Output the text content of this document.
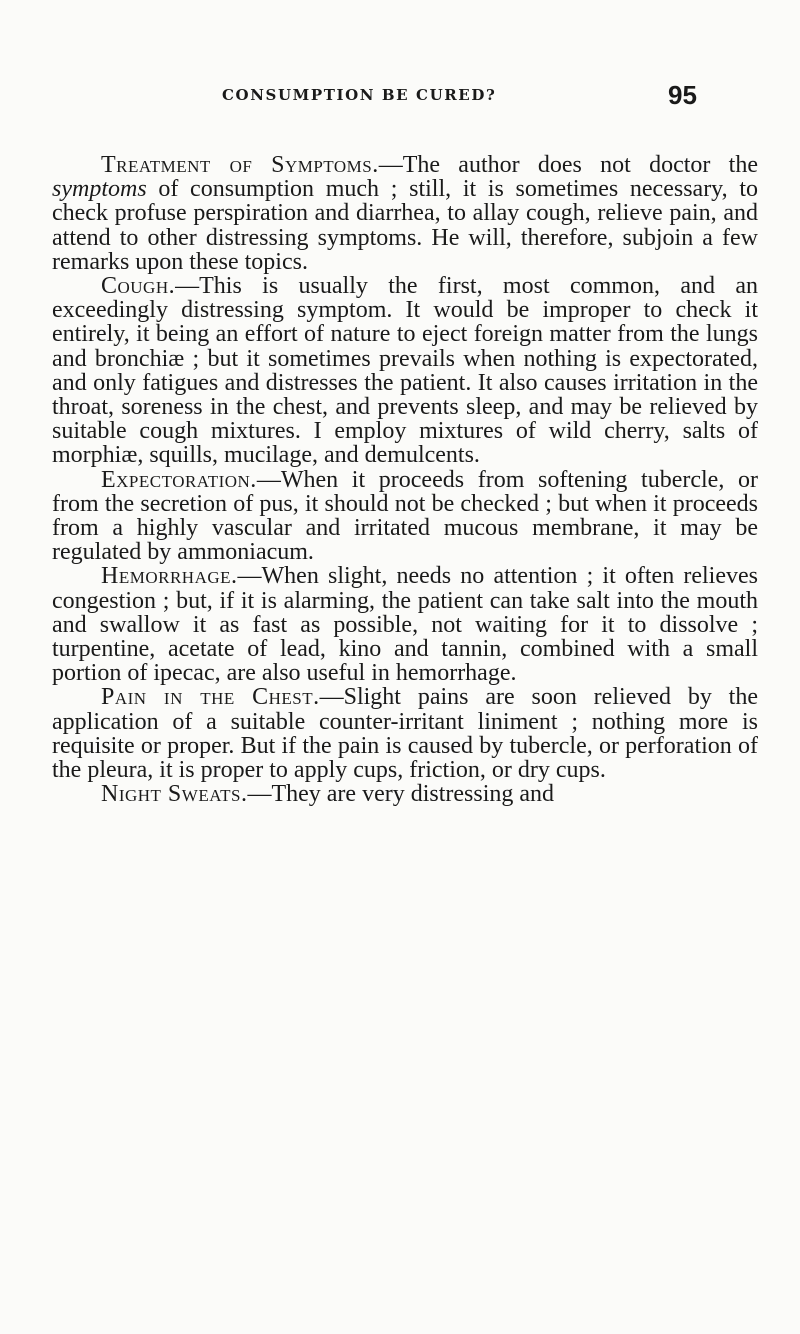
CONSUMPTION BE CURED?	95

Treatment of Symptoms.—The author does not doctor the symptoms of consumption much ; still, it is sometimes necessary, to check profuse perspiration and diarrhea, to allay cough, relieve pain, and attend to other distressing symptoms. He will, therefore, subjoin a few remarks upon these topics.

Cough.—This is usually the first, most common, and an exceedingly distressing symptom. It would be improper to check it entirely, it being an effort of nature to eject foreign matter from the lungs and bronchiæ ; but it sometimes prevails when nothing is expectorated, and only fatigues and distresses the patient. It also causes irritation in the throat, soreness in the chest, and prevents sleep, and may be relieved by suitable cough mixtures. I employ mixtures of wild cherry, salts of morphiæ, squills, mucilage, and demulcents.

Expectoration.—When it proceeds from softening tubercle, or from the secretion of pus, it should not be checked ; but when it proceeds from a highly vascular and irritated mucous membrane, it may be regulated by ammoniacum.

Hemorrhage.—When slight, needs no attention ; it often relieves congestion ; but, if it is alarming, the patient can take salt into the mouth and swallow it as fast as possible, not waiting for it to dissolve ; turpentine, acetate of lead, kino and tannin, combined with a small portion of ipecac, are also useful in hemorrhage.

Pain in the Chest.—Slight pains are soon relieved by the application of a suitable counter-irritant liniment ; nothing more is requisite or proper. But if the pain is caused by tubercle, or perforation of the pleura, it is proper to apply cups, friction, or dry cups.

Night Sweats.—They are very distressing and
